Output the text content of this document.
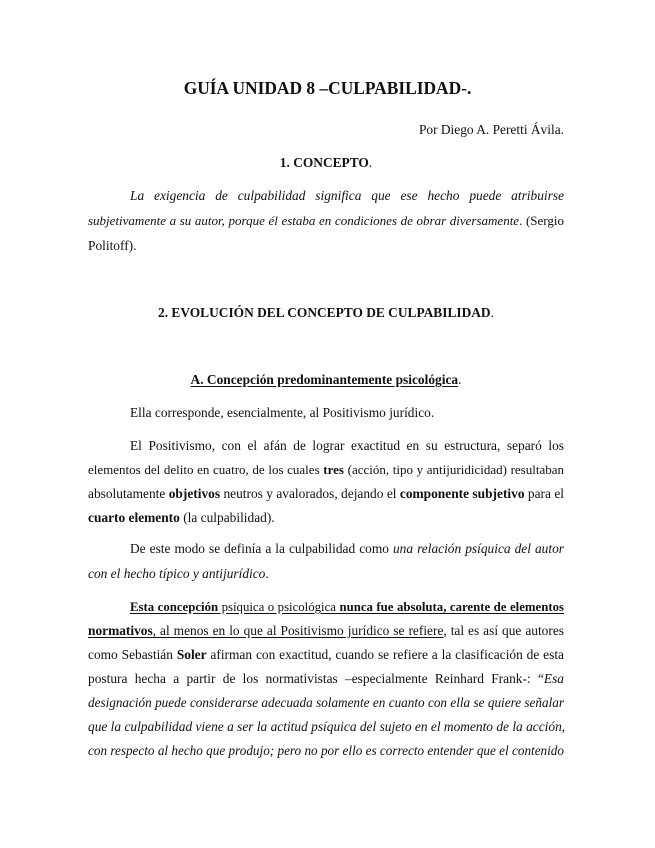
GUÍA UNIDAD 8 –CULPABILIDAD-.
Por Diego A. Peretti Ávila.
1. CONCEPTO.
La exigencia de culpabilidad significa que ese hecho puede atribuirse
subjetivamente a su autor, porque él estaba en condiciones de obrar diversamente. (Sergio
Politoff).
2. EVOLUCIÓN DEL CONCEPTO DE CULPABILIDAD.
A. Concepción predominantemente psicológica.
Ella corresponde, esencialmente, al Positivismo jurídico.
El Positivismo, con el afán de lograr exactitud en su estructura, separó los
elementos del delito en cuatro, de los cuales tres (acción, tipo y antijuridicidad) resultaban
absolutamente objetivos neutros y avalorados, dejando el componente subjetivo para el
cuarto elemento (la culpabilidad).
De este modo se definía a la culpabilidad como una relación psíquica del autor
con el hecho típico y antijurídico.
Esta concepción psíquica o psicológica nunca fue absoluta, carente de elementos
normativos, al menos en lo que al Positivismo jurídico se refiere, tal es así que autores
como Sebastián Soler afirman con exactitud, cuando se refiere a la clasificación de esta
postura hecha a partir de los normativistas –especialmente Reinhard Frank-: “Esa
designación puede considerarse adecuada solamente en cuanto con ella se quiere señalar
que la culpabilidad viene a ser la actitud psíquica del sujeto en el momento de la acción,
con respecto al hecho que produjo; pero no por ello es correcto entender que el contenido
